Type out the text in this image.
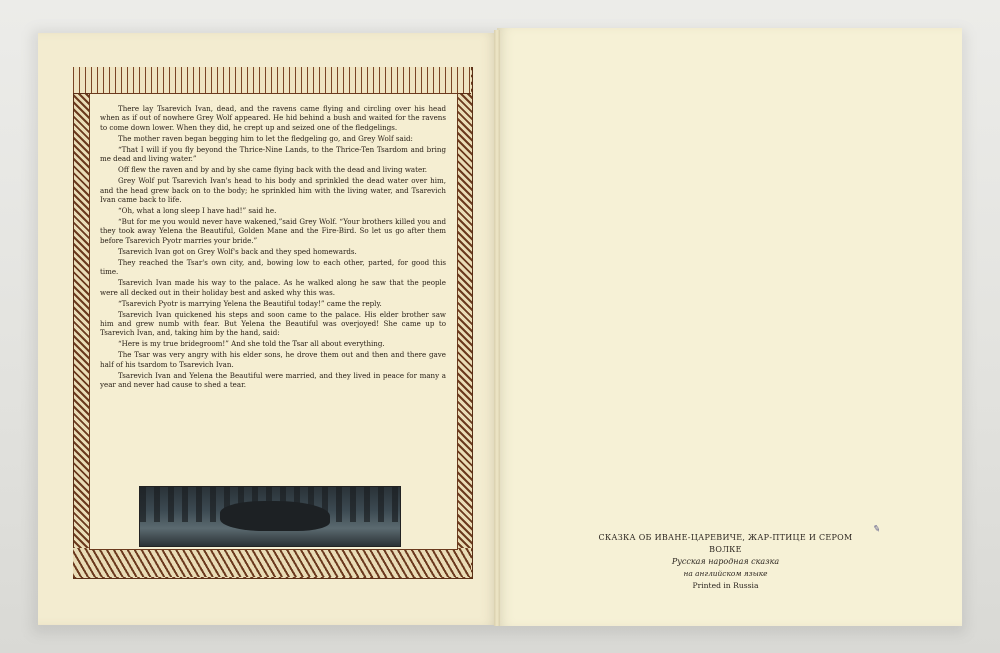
There lay Tsarevich Ivan, dead, and the ravens came flying and circling over his head when as if out of nowhere Grey Wolf appeared. He hid behind a bush and waited for the ravens to come down lower. When they did, he crept up and seized one of the fledgelings.

The mother raven began begging him to let the fledgeling go, and Grey Wolf said:

“That I will if you fly beyond the Thrice-Nine Lands, to the Thrice-Ten Tsardom and bring me dead and living water.”

Off flew the raven and by and by she came flying back with the dead and living water.

Grey Wolf put Tsarevich Ivan's head to his body and sprinkled the dead water over him, and the head grew back on to the body; he sprinkled him with the living water, and Tsarevich Ivan came back to life.

“Oh, what a long sleep I have had!” said he.

“But for me you would never have wakened,”said Grey Wolf. “Your brothers killed you and they took away Yelena the Beautiful, Golden Mane and the Fire-Bird. So let us go after them before Tsarevich Pyotr marries your bride.”

Tsarevich Ivan got on Grey Wolf's back and they sped homewards.

They reached the Tsar's own city, and, bowing low to each other, parted, for good this time.

Tsarevich Ivan made his way to the palace. As he walked along he saw that the people were all decked out in their holiday best and asked why this was.

“Tsarevich Pyotr is marrying Yelena the Beautiful today!” came the reply.

Tsarevich Ivan quickened his steps and soon came to the palace. His elder brother saw him and grew numb with fear. But Yelena the Beautiful was overjoyed! She came up to Tsarevich Ivan, and, taking him by the hand, said:

“Here is my true bridegroom!” And she told the Tsar all about everything.

The Tsar was very angry with his elder sons, he drove them out and then and there gave half of his tsardom to Tsarevich Ivan.

Tsarevich Ivan and Yelena the Beautiful were married, and they lived in peace for many a year and never had cause to shed a tear.

СКАЗКА ОБ ИВАНЕ-ЦАРЕВИЧЕ, ЖАР-ПТИЦЕ И СЕРОМ ВОЛКЕ
Русская народная сказка
на английском языке
Printed in Russia
✎
